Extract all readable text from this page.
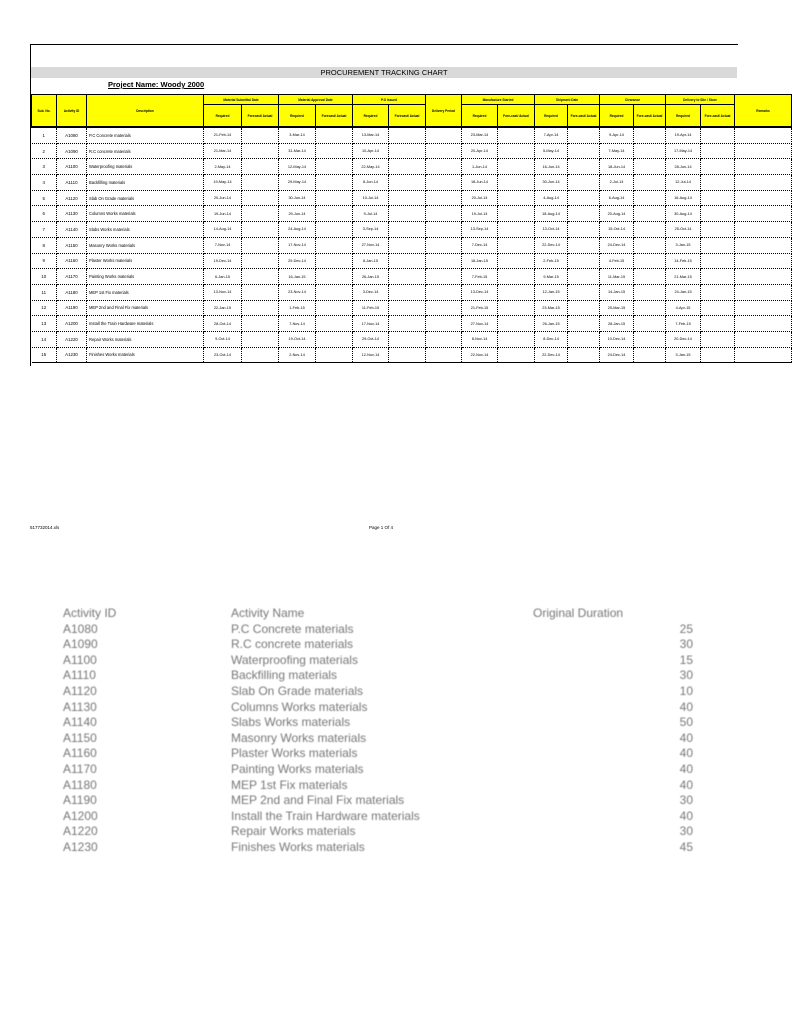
PROCUREMENT TRACKING CHART
Project Name: Woody 2000
Sub. No.	Activity ID	Description	Material Submittal Date		Material Approval Date		P.O Issued		Delivery Period	Manufacture Started		Shipment Date		Clearance		Delivery to Site / Store		Remarks
			Required	Forecast/ Actual	Required	Forecast/ Actual	Required	Forecast/ Actual		Required	Fore-cast/ Actual	Required	Fore-cast/ Actual	Required	Fore-cast/ Actual	Required	Fore-cast/ Actual	
1	A1080	P.C Concrete materials	21-Feb-14		3-Mar-14		13-Mar-14			23-Mar-14		7-Apr-14		9-Apr-14		19-Apr-14		
2	A1090	R.C concrete materials	21-Mar-14		31-Mar-14		10-Apr-14			20-Apr-14		5-May-14		7-May-14		17-May-14		
3	A1100	Waterproofing materials	2-May-14		12-May-14		22-May-14			1-Jun-14		16-Jun-14		18-Jun-14		28-Jun-14		
4	A1110	Backfilling materials	19-May-14		29-May-14		8-Jun-14			18-Jun-14		30-Jun-14		2-Jul-14		12-Jul-14		
5	A1120	Slab On Grade materials	20-Jun-14		30-Jun-14		10-Jul-14			20-Jul-14		4-Aug-14		6-Aug-14		16-Aug-14		
6	A1130	Columns Works materials	19-Jun-14		29-Jun-14		9-Jul-14			19-Jul-14		18-Aug-14		20-Aug-14		30-Aug-14		
7	A1140	Slabs Works materials	14-Aug-14		24-Aug-14		3-Sep-14			13-Sep-14		13-Oct-14		15-Oct-14		25-Oct-14		
8	A1150	Masonry Works materials	7-Nov-14		17-Nov-14		27-Nov-14			7-Dec-14		22-Dec-14		24-Dec-14		3-Jan-15		
9	A1160	Plaster Works materials	19-Dec-14		29-Dec-14		8-Jan-15			18-Jan-15		2-Feb-15		4-Feb-15		14-Feb-15		
10	A1170	Painting Works materials	6-Jan-15		16-Jan-15		26-Jan-15			7-Feb-15		9-Mar-15		11-Mar-15		21-Mar-15		
11	A1180	MEP 1st Fix materials	13-Nov-14		23-Nov-14		3-Dec-14			13-Dec-14		12-Jan-15		14-Jan-15		24-Jan-15		
12	A1190	MEP 2nd and Final Fix materials	22-Jan-15		1-Feb-15		11-Feb-15			21-Feb-15		23-Mar-15		25-Mar-15		4-Apr-15		
13	A1200	Install the Train Hardware materials	28-Oct-14		7-Nov-14		17-Nov-14			27-Nov-14		26-Jan-15		28-Jan-15		7-Feb-15		
14	A1220	Repair Works materials	9-Oct-14		19-Oct-14		29-Oct-14			8-Nov-14		8-Dec-14		10-Dec-14		20-Dec-14		
15	A1230	Finishes Works materials	23-Oct-14		2-Nov-14		12-Nov-14			22-Nov-14		22-Dec-14		24-Dec-14		3-Jan-15		
517732014.xls	Page 1 Of 4
Activity ID	Activity Name	Original Duration
A1080	P.C Concrete materials	25
A1090	R.C concrete materials	30
A1100	Waterproofing materials	15
A1110	Backfilling materials	30
A1120	Slab On Grade materials	10
A1130	Columns Works materials	40
A1140	Slabs Works materials	50
A1150	Masonry Works materials	40
A1160	Plaster Works materials	40
A1170	Painting Works materials	40
A1180	MEP 1st Fix materials	40
A1190	MEP 2nd and Final Fix materials	30
A1200	Install the Train Hardware materials	40
A1220	Repair Works materials	30
A1230	Finishes Works materials	45
